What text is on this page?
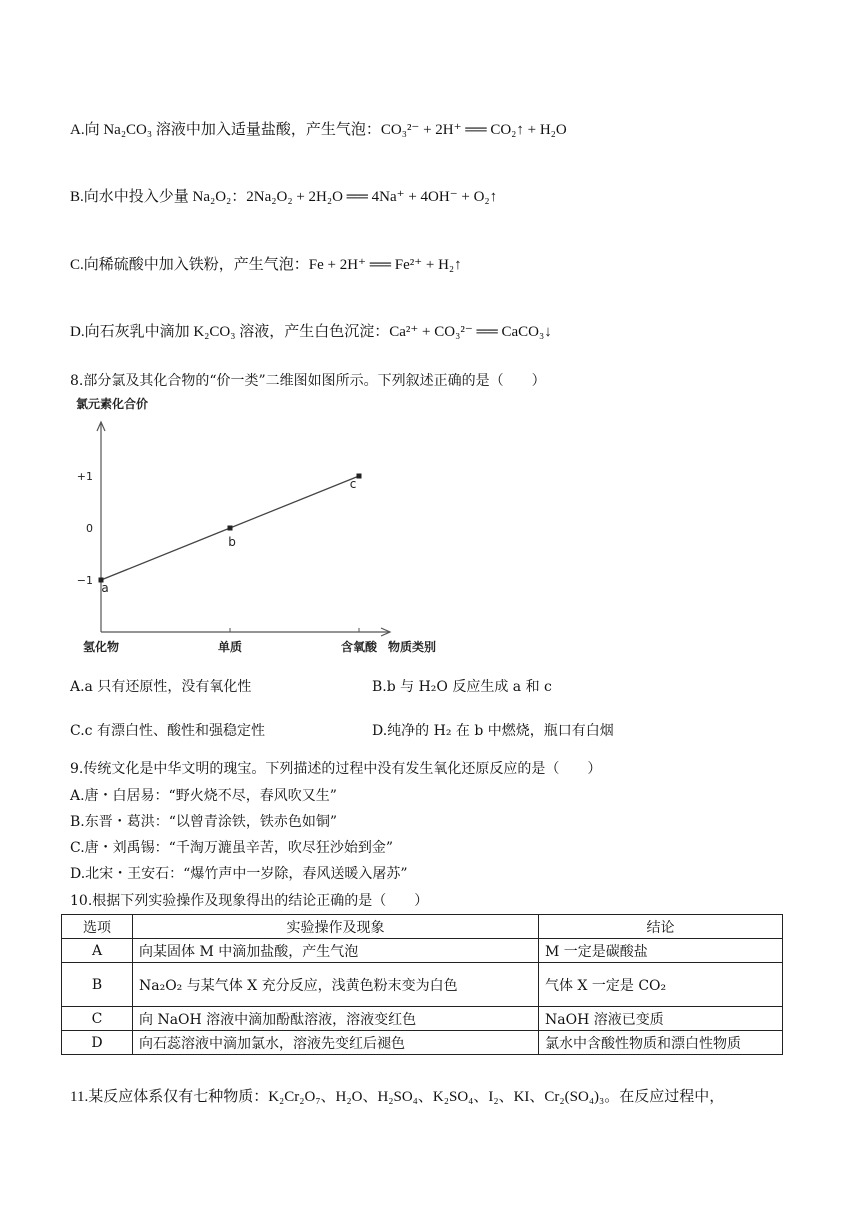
A.向 Na₂CO₃ 溶液中加入适量盐酸，产生气泡：CO₃²⁻ + 2H⁺ ══ CO₂↑ + H₂O
B.向水中投入少量 Na₂O₂：2Na₂O₂ + 2H₂O ══ 4Na⁺ + 4OH⁻ + O₂↑
C.向稀硫酸中加入铁粉，产生气泡：Fe + 2H⁺ ══ Fe²⁺ + H₂↑
D.向石灰乳中滴加 K₂CO₃ 溶液，产生白色沉淀：Ca²⁺ + CO₃²⁻ ══ CaCO₃↓
8.部分氯及其化合物的“价一类”二维图如图所示。下列叙述正确的是（　　）
氯元素化合价
物质类别
+1
0
−1
氢化物	单质	含氧酸
a
b
c
A.a 只有还原性，没有氧化性	B.b 与 H₂O 反应生成 a 和 c
C.c 有漂白性、酸性和强稳定性	D.纯净的 H₂ 在 b 中燃烧，瓶口有白烟
9.传统文化是中华文明的瑰宝。下列描述的过程中没有发生氧化还原反应的是（　　）
A.唐・白居易：“野火烧不尽，春风吹又生”
B.东晋・葛洪：“以曾青涂铁，铁赤色如铜”
C.唐・刘禹锡：“千淘万漉虽辛苦，吹尽狂沙始到金”
D.北宋・王安石：“爆竹声中一岁除，春风送暖入屠苏”
10.根据下列实验操作及现象得出的结论正确的是（　　）
选项	实验操作及现象	结论
A	向某固体 M 中滴加盐酸，产生气泡	M 一定是碳酸盐
B	Na₂O₂ 与某气体 X 充分反应，浅黄色粉末变为白色	气体 X 一定是 CO₂
C	向 NaOH 溶液中滴加酚酞溶液，溶液变红色	NaOH 溶液已变质
D	向石蕊溶液中滴加氯水，溶液先变红后褪色	氯水中含酸性物质和漂白性物质
11.某反应体系仅有七种物质：K₂Cr₂O₇、H₂O、H₂SO₄、K₂SO₄、I₂、KI、Cr₂(SO₄)₃。在反应过程中，
